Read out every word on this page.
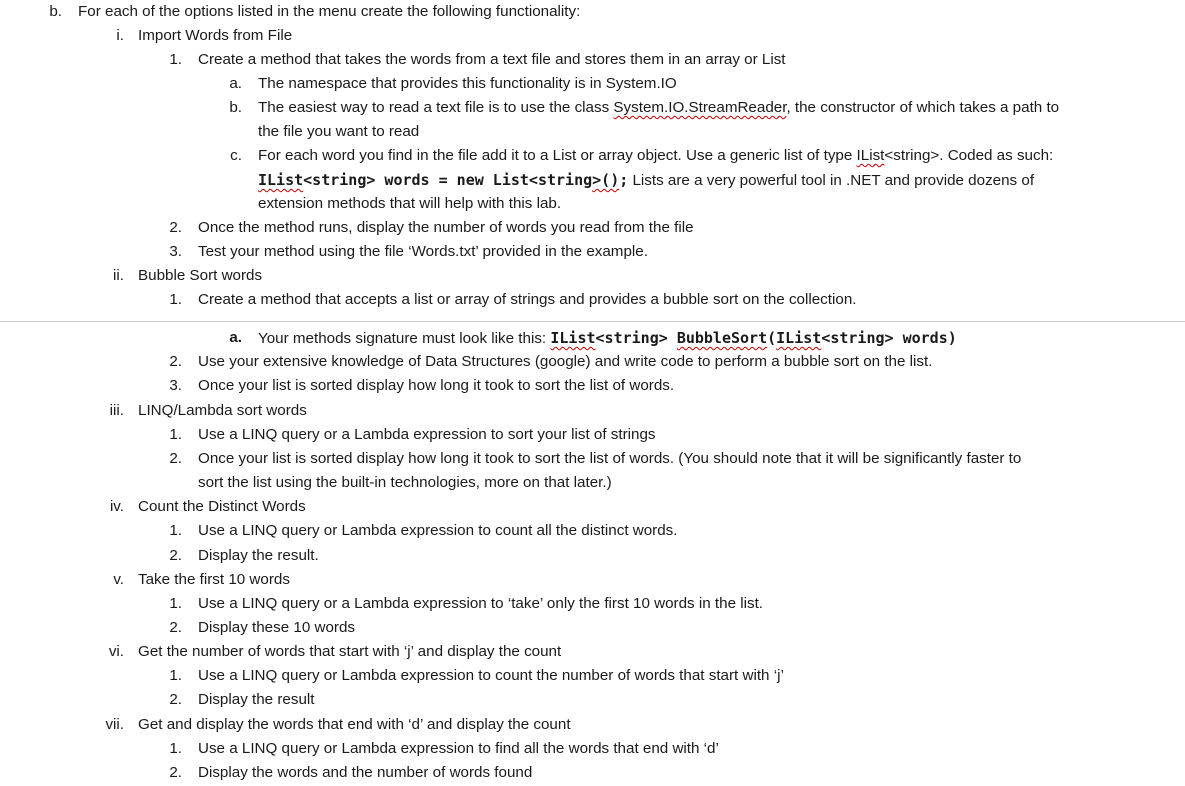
b. For each of the options listed in the menu create the following functionality:
i. Import Words from File
1. Create a method that takes the words from a text file and stores them in an array or List
a. The namespace that provides this functionality is in System.IO
b. The easiest way to read a text file is to use the class System.IO.StreamReader, the constructor of which takes a path to
the file you want to read
c. For each word you find in the file add it to a List or array object. Use a generic list of type IList<string>. Coded as such:
IList<string> words = new List<string>(); Lists are a very powerful tool in .NET and provide dozens of
extension methods that will help with this lab.
2. Once the method runs, display the number of words you read from the file
3. Test your method using the file ‘Words.txt’ provided in the example.
ii. Bubble Sort words
1. Create a method that accepts a list or array of strings and provides a bubble sort on the collection.
a. Your methods signature must look like this: IList<string> BubbleSort(IList<string> words)
2. Use your extensive knowledge of Data Structures (google) and write code to perform a bubble sort on the list.
3. Once your list is sorted display how long it took to sort the list of words.
iii. LINQ/Lambda sort words
1. Use a LINQ query or a Lambda expression to sort your list of strings
2. Once your list is sorted display how long it took to sort the list of words. (You should note that it will be significantly faster to
sort the list using the built-in technologies, more on that later.)
iv. Count the Distinct Words
1. Use a LINQ query or Lambda expression to count all the distinct words.
2. Display the result.
v. Take the first 10 words
1. Use a LINQ query or a Lambda expression to ‘take’ only the first 10 words in the list.
2. Display these 10 words
vi. Get the number of words that start with ‘j’ and display the count
1. Use a LINQ query or Lambda expression to count the number of words that start with ‘j’
2. Display the result
vii. Get and display the words that end with ‘d’ and display the count
1. Use a LINQ query or Lambda expression to find all the words that end with ‘d’
2. Display the words and the number of words found
